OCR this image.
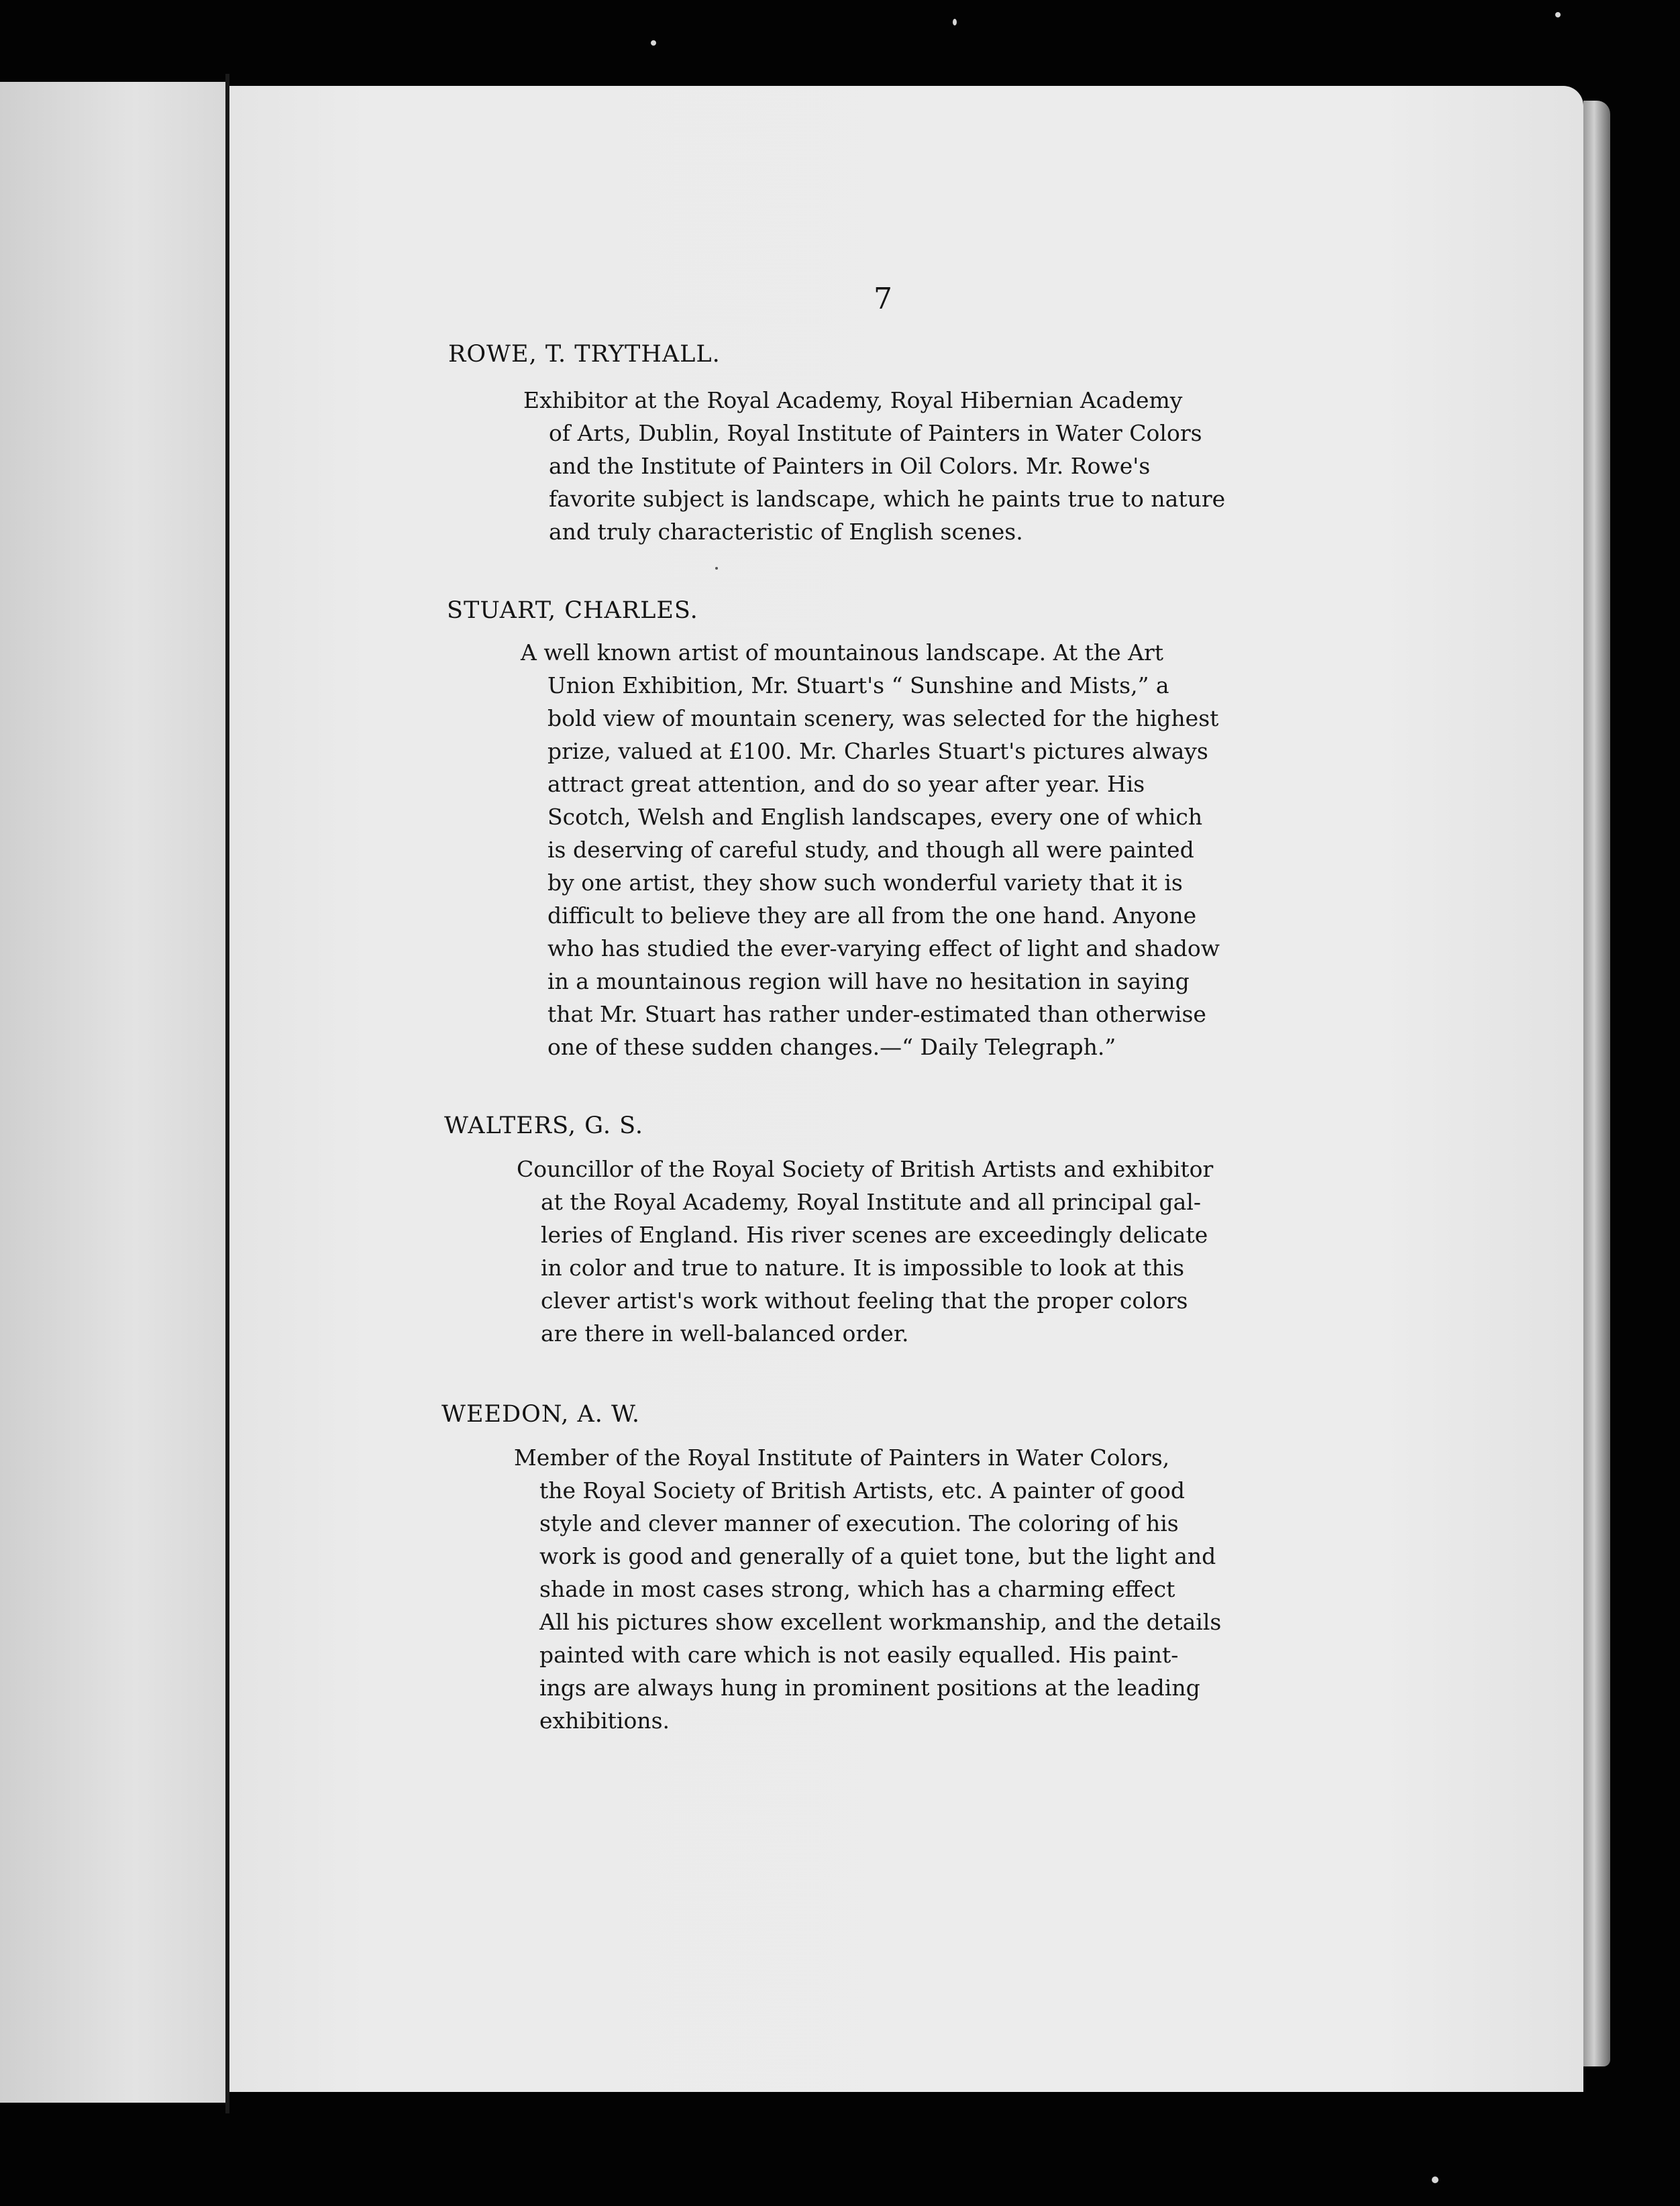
7
ROWE, T. TRYTHALL.
Exhibitor at the Royal Academy, Royal Hibernian Academy
of Arts, Dublin, Royal Institute of Painters in Water Colors
and the Institute of Painters in Oil Colors. Mr. Rowe's
favorite subject is landscape, which he paints true to nature
and truly characteristic of English scenes.
STUART, CHARLES.
A well known artist of mountainous landscape. At the Art
Union Exhibition, Mr. Stuart's “ Sunshine and Mists,” a
bold view of mountain scenery, was selected for the highest
prize, valued at £100. Mr. Charles Stuart's pictures always
attract great attention, and do so year after year. His
Scotch, Welsh and English landscapes, every one of which
is deserving of careful study, and though all were painted
by one artist, they show such wonderful variety that it is
difficult to believe they are all from the one hand. Anyone
who has studied the ever-varying effect of light and shadow
in a mountainous region will have no hesitation in saying
that Mr. Stuart has rather under-estimated than otherwise
one of these sudden changes.—“ Daily Telegraph.”
WALTERS, G. S.
Councillor of the Royal Society of British Artists and exhibitor
at the Royal Academy, Royal Institute and all principal gal-
leries of England. His river scenes are exceedingly delicate
in color and true to nature. It is impossible to look at this
clever artist's work without feeling that the proper colors
are there in well-balanced order.
WEEDON, A. W.
Member of the Royal Institute of Painters in Water Colors,
the Royal Society of British Artists, etc. A painter of good
style and clever manner of execution. The coloring of his
work is good and generally of a quiet tone, but the light and
shade in most cases strong, which has a charming effect
All his pictures show excellent workmanship, and the details
painted with care which is not easily equalled. His paint-
ings are always hung in prominent positions at the leading
exhibitions.
